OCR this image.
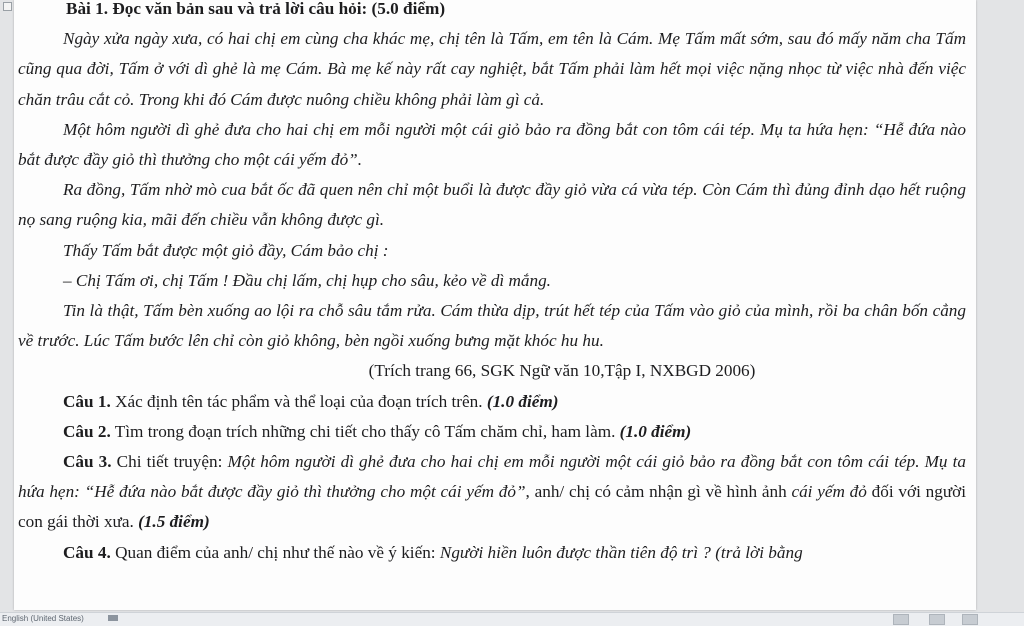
Bài 1. Đọc văn bản sau và trả lời câu hỏi: (5.0 điểm)

Ngày xửa ngày xưa, có hai chị em cùng cha khác mẹ, chị tên là Tấm, em tên là Cám. Mẹ Tấm mất sớm, sau đó mấy năm cha Tấm cũng qua đời, Tấm ở với dì ghẻ là mẹ Cám. Bà mẹ kế này rất cay nghiệt, bắt Tấm phải làm hết mọi việc nặng nhọc từ việc nhà đến việc chăn trâu cắt cỏ. Trong khi đó Cám được nuông chiều không phải làm gì cả.

Một hôm người dì ghẻ đưa cho hai chị em mỗi người một cái giỏ bảo ra đồng bắt con tôm cái tép. Mụ ta hứa hẹn: “Hễ đứa nào bắt được đầy giỏ thì thưởng cho một cái yếm đỏ”.

Ra đồng, Tấm nhờ mò cua bắt ốc đã quen nên chỉ một buổi là được đầy giỏ vừa cá vừa tép. Còn Cám thì đủng đỉnh dạo hết ruộng nọ sang ruộng kia, mãi đến chiều vẫn không được gì.

Thấy Tấm bắt được một giỏ đầy, Cám bảo chị :

– Chị Tấm ơi, chị Tấm ! Đầu chị lấm, chị hụp cho sâu, kẻo về dì mắng.

Tin là thật, Tấm bèn xuống ao lội ra chỗ sâu tắm rửa. Cám thừa dịp, trút hết tép của Tấm vào giỏ của mình, rồi ba chân bốn cẳng về trước. Lúc Tấm bước lên chỉ còn giỏ không, bèn ngồi xuống bưng mặt khóc hu hu.

(Trích trang 66, SGK Ngữ văn 10,Tập I, NXBGD 2006)

Câu 1. Xác định tên tác phẩm và thể loại của đoạn trích trên. (1.0 điểm)

Câu 2. Tìm trong đoạn trích những chi tiết cho thấy cô Tấm chăm chỉ, ham làm. (1.0 điểm)

Câu 3. Chi tiết truyện: Một hôm người dì ghẻ đưa cho hai chị em mỗi người một cái giỏ bảo ra đồng bắt con tôm cái tép. Mụ ta hứa hẹn: “Hễ đứa nào bắt được đầy giỏ thì thưởng cho một cái yếm đỏ”, anh/ chị có cảm nhận gì về hình ảnh cái yếm đỏ đối với người con gái thời xưa. (1.5 điểm)

Câu 4. Quan điểm của anh/ chị như thế nào về ý kiến: Người hiền luôn được thần tiên độ trì ? (trả lời bằng

English (United States)
